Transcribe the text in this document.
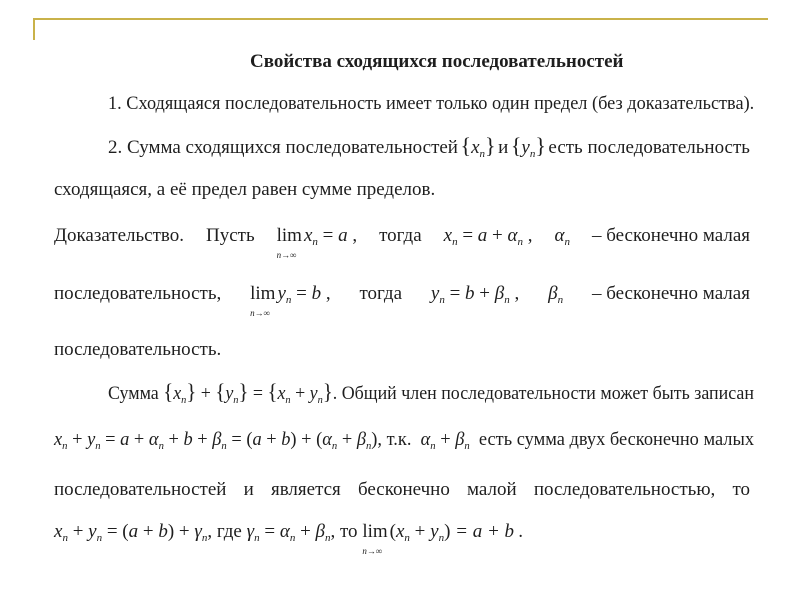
Свойства сходящихся последовательностей
1. Сходящаяся последовательность имеет только один предел (без доказательства).
2. Сумма сходящихся последовательностей $\{x_n\}$ и $\{y_n\}$ есть последовательность
сходящаяся, а её предел равен сумме пределов.
Доказательство. Пусть lim
n→∞
$x_n = a$ , тогда $x_n = a + \alpha_n$ , $\alpha_n$ – бесконечно малая
последовательность, lim
n→∞
$y_n = b$ , тогда $y_n = b + \beta_n$ , $\beta_n$ – бесконечно малая
последовательность.
Сумма $\{x_n\} + \{y_n\} = \{x_n + y_n\}$. Общий член последовательности может быть записан
$x_n + y_n = a + \alpha_n + b + \beta_n = (a + b) + (\alpha_n + \beta_n)$, т.к. $\alpha_n + \beta_n$ есть сумма двух бесконечно малых
последовательностей и является бесконечно малой последовательностью, то
$x_n + y_n = (a + b) + \gamma_n$, где $\gamma_n = \alpha_n + \beta_n$, то lim
n→∞
$(x_n + y_n) = a + b$ .
